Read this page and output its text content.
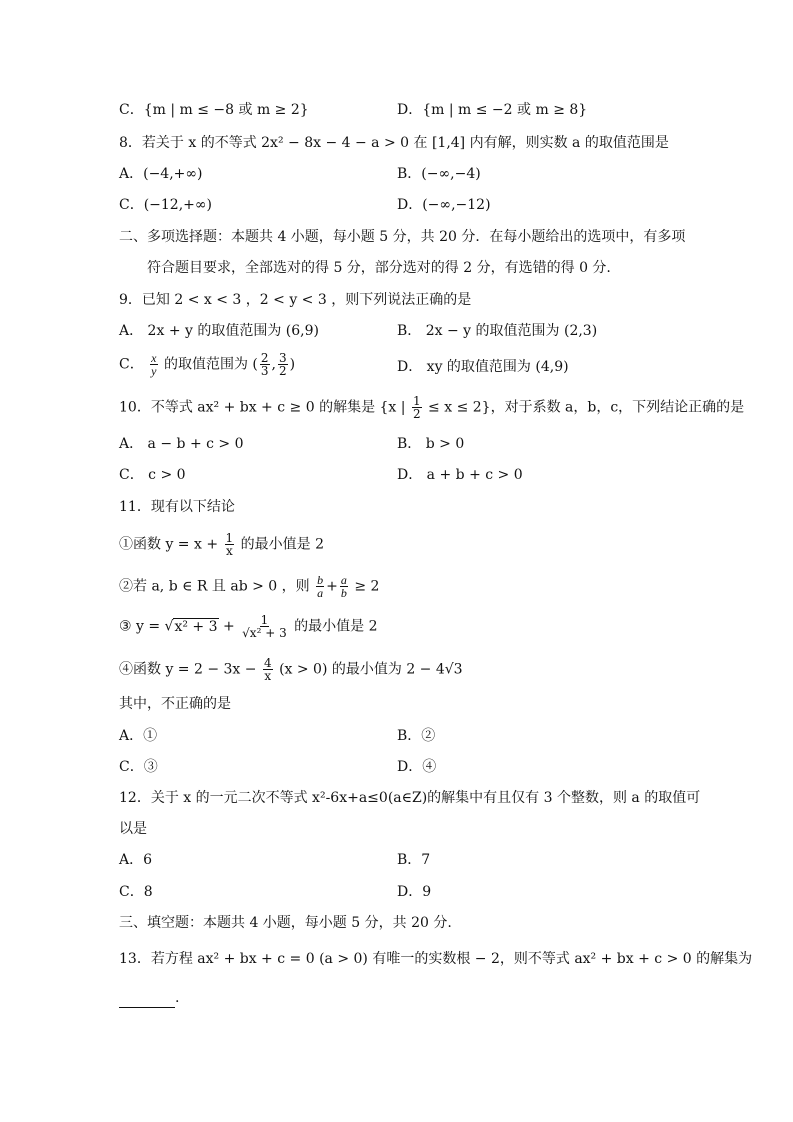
C．{m | m ≤ −8 或 m ≥ 2}	D．{m | m ≤ −2 或 m ≥ 8}
8．若关于 x 的不等式 2x² − 8x − 4 − a > 0 在 [1,4] 内有解，则实数 a 的取值范围是
A．(−4,+∞)	B．(−∞,−4)
C．(−12,+∞)	D．(−∞,−12)
二、多项选择题：本题共 4 小题，每小题 5 分，共 20 分．在每小题给出的选项中，有多项
符合题目要求，全部选对的得 5 分，部分选对的得 2 分，有选错的得 0 分.
9．已知 2 < x < 3 ，2 < y < 3 ，则下列说法正确的是
A． 2x + y 的取值范围为 (6,9)	B． 2x − y 的取值范围为 (2,3)
C． $\frac{x}{y}$ 的取值范围为 ( $\frac{2}{3}$ , $\frac{3}{2}$ )	D． xy 的取值范围为 (4,9)
10．不等式 ax² + bx + c ≥ 0 的解集是 {x | $\frac{1}{2} \le x \le 2$}，对于系数 a，b，c，下列结论正确的是
A． a − b + c > 0	B． b > 0
C． c > 0	D． a + b + c > 0
11．现有以下结论
①函数 $y = x + \frac{1}{x}$ 的最小值是 2
②若 a, b ∈ R 且 ab > 0 ，则 $\frac{b}{a} + \frac{a}{b} \ge 2$
③ $y = √x^2 + 3 + \frac{1}{\text{√x² + 3}}$ 的最小值是 2
④函数 $y = 2 - 3x - \frac{4}{x} (x > 0)$ 的最小值为 2 − 4√3
其中，不正确的是
A．①	B．②
C．③	D．④
12．关于 x 的一元二次不等式 x²-6x+a≤0(a∈Z)的解集中有且仅有 3 个整数，则 a 的取值可
以是
A．6	B．7
C．8	D．9
三、填空题：本题共 4 小题，每小题 5 分，共 20 分.
13．若方程 ax² + bx + c = 0 (a > 0) 有唯一的实数根 − 2，则不等式 ax² + bx + c > 0 的解集为
.
